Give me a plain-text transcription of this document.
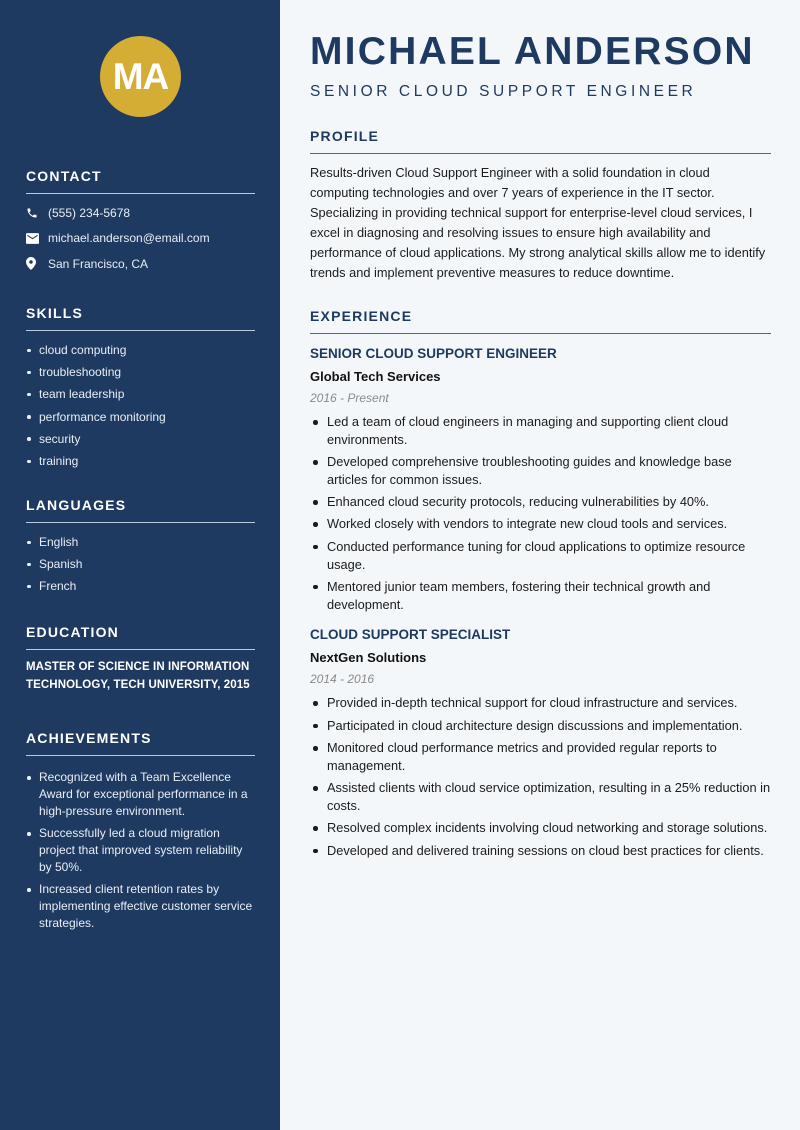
MA
CONTACT
(555) 234-5678
michael.anderson@email.com
San Francisco, CA
SKILLS
cloud computing
troubleshooting
team leadership
performance monitoring
security
training
LANGUAGES
English
Spanish
French
EDUCATION

MASTER OF SCIENCE IN INFORMATION TECHNOLOGY, TECH UNIVERSITY, 2015

ACHIEVEMENTS
Recognized with a Team Excellence Award for exceptional performance in a high-pressure environment.
Successfully led a cloud migration project that improved system reliability by 50%.
Increased client retention rates by implementing effective customer service strategies.
MICHAEL ANDERSON
SENIOR CLOUD SUPPORT ENGINEER
PROFILE

Results-driven Cloud Support Engineer with a solid foundation in cloud computing technologies and over 7 years of experience in the IT sector. Specializing in providing technical support for enterprise-level cloud services, I excel in diagnosing and resolving issues to ensure high availability and performance of cloud applications. My strong analytical skills allow me to identify trends and implement preventive measures to reduce downtime.

EXPERIENCE
SENIOR CLOUD SUPPORT ENGINEER
Global Tech Services
2016 - Present
Led a team of cloud engineers in managing and supporting client cloud environments.
Developed comprehensive troubleshooting guides and knowledge base articles for common issues.
Enhanced cloud security protocols, reducing vulnerabilities by 40%.
Worked closely with vendors to integrate new cloud tools and services.
Conducted performance tuning for cloud applications to optimize resource usage.
Mentored junior team members, fostering their technical growth and development.
CLOUD SUPPORT SPECIALIST
NextGen Solutions
2014 - 2016
Provided in-depth technical support for cloud infrastructure and services.
Participated in cloud architecture design discussions and implementation.
Monitored cloud performance metrics and provided regular reports to management.
Assisted clients with cloud service optimization, resulting in a 25% reduction in costs.
Resolved complex incidents involving cloud networking and storage solutions.
Developed and delivered training sessions on cloud best practices for clients.
